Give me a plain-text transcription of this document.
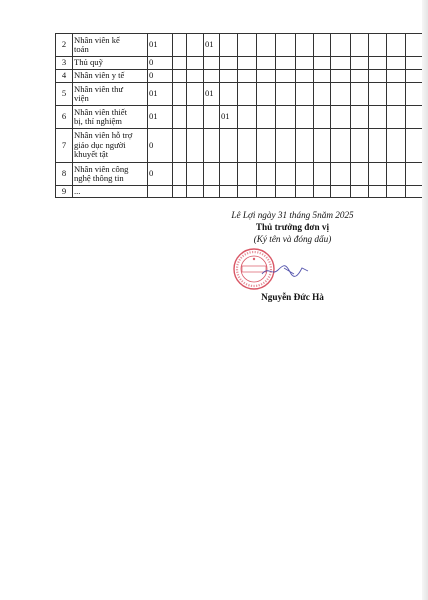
2	Nhân viên kế
toán	01			01											
3	Thủ quỹ	0														
4	Nhân viên y tế	0														
5	Nhân viên thư
viện	01			01											
6	Nhân viên thiết
bị, thí nghiệm	01				01										
7	Nhân viên hỗ trợ
giáo dục người
khuyết tật	0														
8	Nhân viên công
nghệ thông tin	0														
9	...															

Lê Lợi ngày 31 tháng 5năm 2025
Thủ trưởng đơn vị
(Ký tên và đóng dấu)
Nguyễn Đức Hà
